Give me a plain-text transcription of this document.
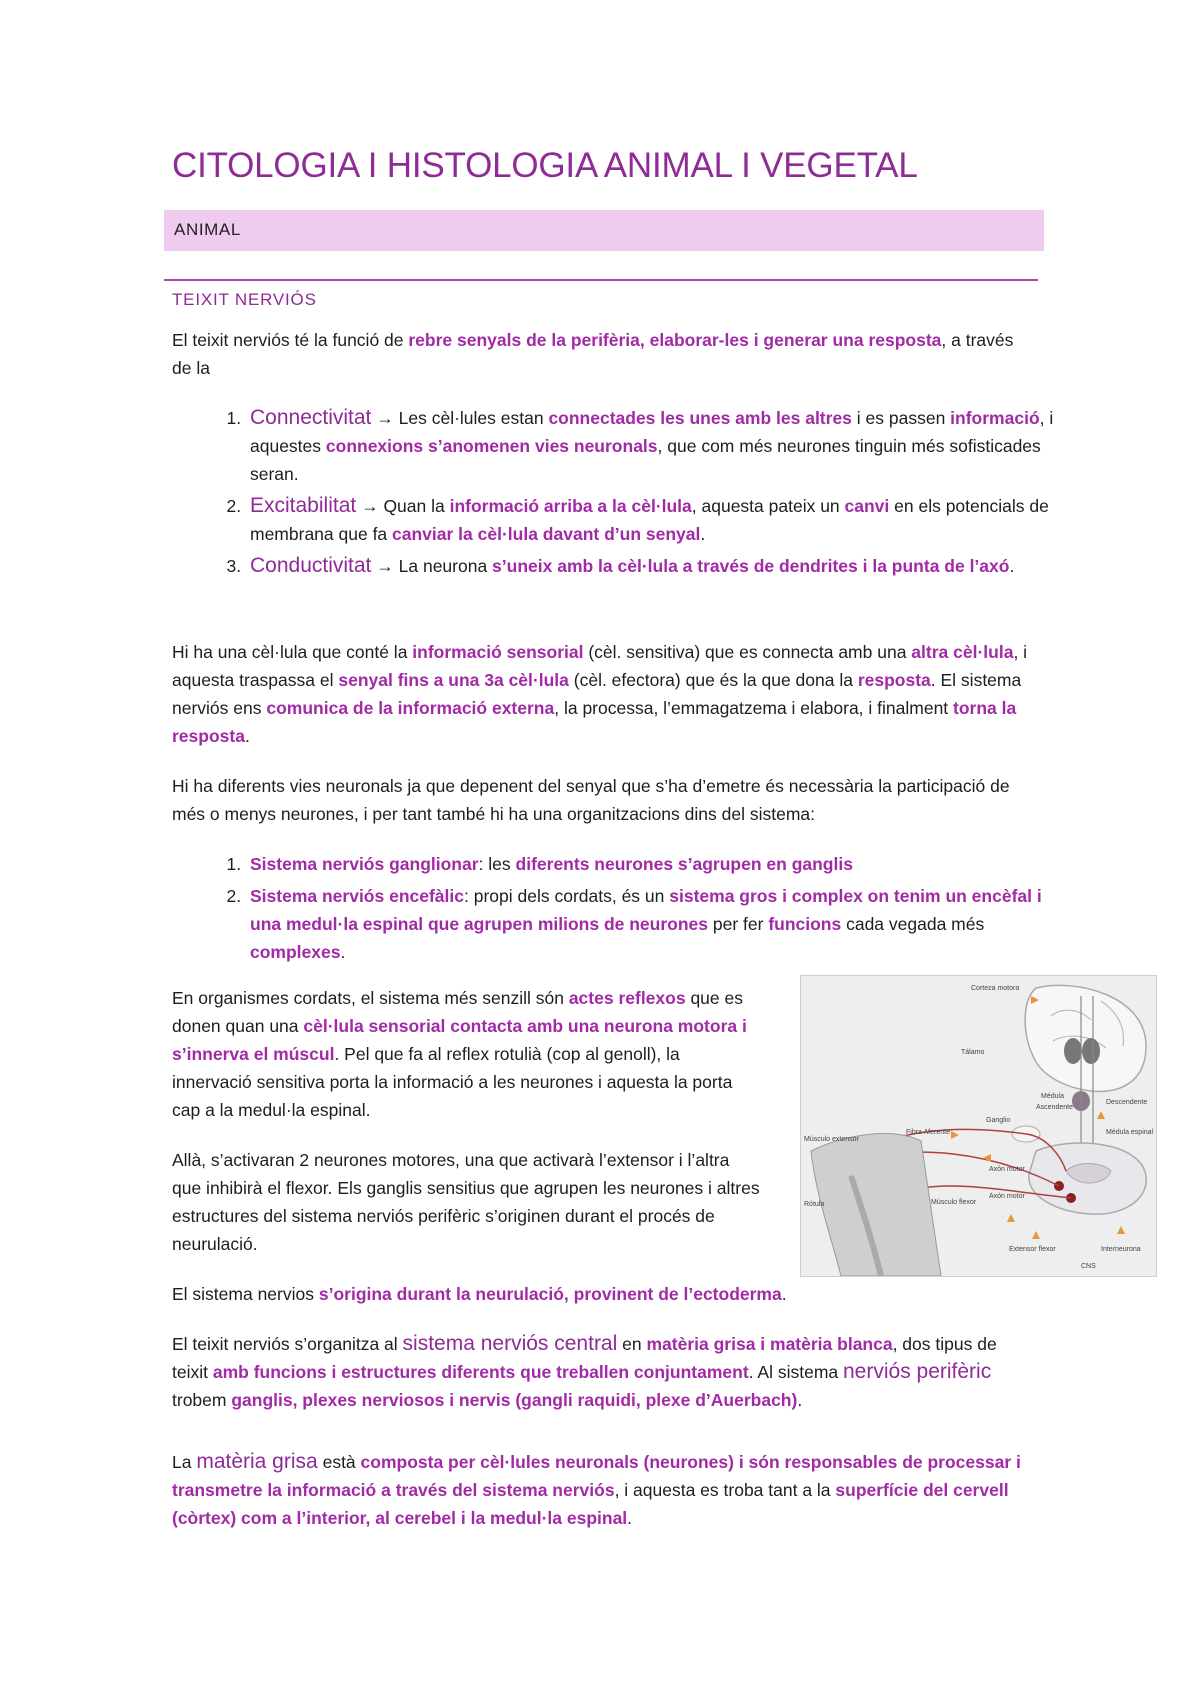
CITOLOGIA I HISTOLOGIA ANIMAL I VEGETAL
ANIMAL
TEIXIT NERVIÓS

El teixit nerviós té la funció de rebre senyals de la perifèria, elaborar-les i generar una resposta, a través de la

1. Connectivitat → Les cèl·lules estan connectades les unes amb les altres i es passen informació, i aquestes connexions s’anomenen vies neuronals, que com més neurones tinguin més sofisticades seran.
2. Excitabilitat → Quan la informació arriba a la cèl·lula, aquesta pateix un canvi en els potencials de membrana que fa canviar la cèl·lula davant d’un senyal.
3. Conductivitat → La neurona s’uneix amb la cèl·lula a través de dendrites i la punta de l’axó.

Hi ha una cèl·lula que conté la informació sensorial (cèl. sensitiva) que es connecta amb una altra cèl·lula, i aquesta traspassa el senyal fins a una 3a cèl·lula (cèl. efectora) que és la que dona la resposta. El sistema nerviós ens comunica de la informació externa, la processa, l’emmagatzema i elabora, i finalment torna la resposta.

Hi ha diferents vies neuronals ja que depenent del senyal que s’ha d’emetre és necessària la participació de més o menys neurones, i per tant també hi ha una organitzacions dins del sistema:

1. Sistema nerviós ganglionar: les diferents neurones s’agrupen en ganglis
2. Sistema nerviós encefàlic: propi dels cordats, és un sistema gros i complex on tenim un encèfal i una medul·la espinal que agrupen milions de neurones per fer funcions cada vegada més complexes.

En organismes cordats, el sistema més senzill són actes reflexos que es donen quan una cèl·lula sensorial contacta amb una neurona motora i s’innerva el múscul. Pel que fa al reflex rotulià (cop al genoll), la innervació sensitiva porta la informació a les neurones i aquesta la porta cap a la medul·la espinal.

Allà, s’activaran 2 neurones motores, una que activarà l’extensor i l’altra que inhibirà el flexor. Els ganglis sensitius que agrupen les neurones i altres estructures del sistema nerviós perifèric s’originen durant el procés de neurulació.

El sistema nervios s’origina durant la neurulació, provinent de l’ectoderma.

El teixit nerviós s’organitza al sistema nerviós central en matèria grisa i matèria blanca, dos tipus de teixit amb funcions i estructures diferents que treballen conjuntament. Al sistema nerviós perifèric trobem ganglis, plexes nerviosos i nervis (gangli raquidi, plexe d’Auerbach).

La matèria grisa està composta per cèl·lules neuronals (neurones) i són responsables de processar i transmetre la informació a través del sistema nerviós, i aquesta es troba tant a la superfície del cervell (còrtex) com a l’interior, al cerebel i la medul·la espinal.

Corteza motora
Tálamo
Médula
Ascendente
Descendente
Ganglio
Fibra Aferente
Músculo extensor
Médula espinal
Axón motor
Rótula	Músculo flexor
Axón motor
Extensor flexor	Interneurona
CNS
